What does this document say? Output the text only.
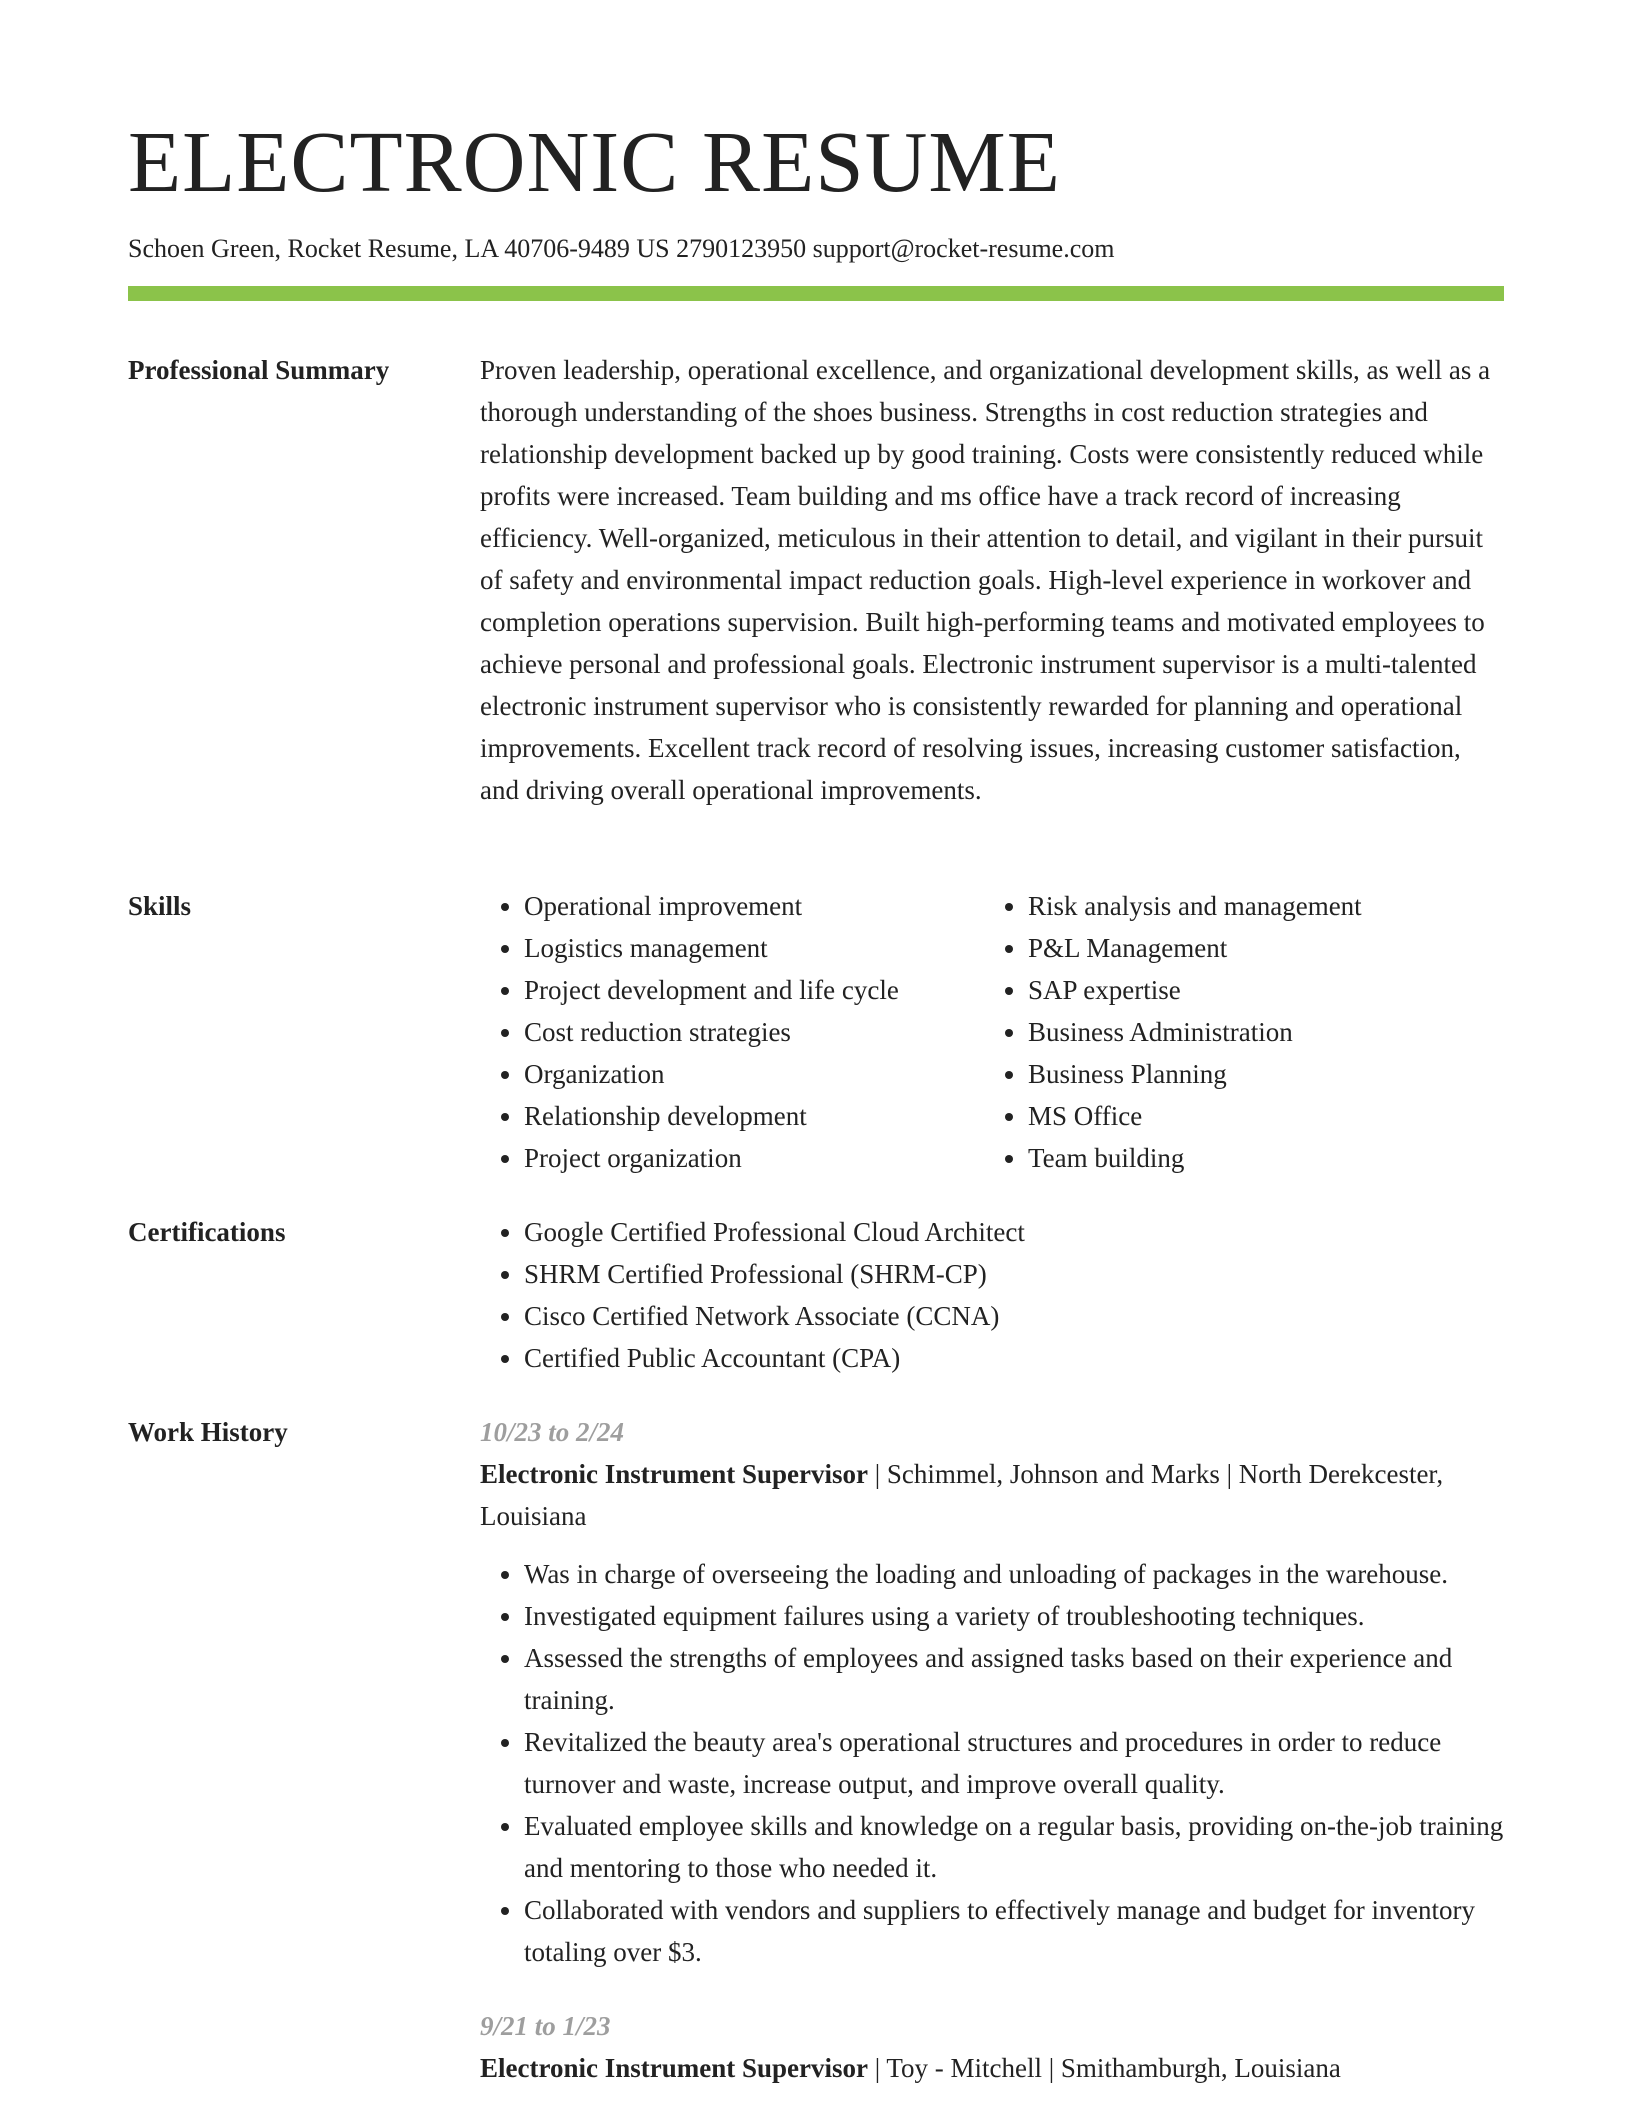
ELECTRONIC RESUME
Schoen Green, Rocket Resume, LA 40706-9489 US 2790123950 support@rocket-resume.com
Professional Summary	Proven leadership, operational excellence, and organizational development skills, as well as a thorough understanding of the shoes business. Strengths in cost reduction strategies and relationship development backed up by good training. Costs were consistently reduced while profits were increased. Team building and ms office have a track record of increasing efficiency. Well-organized, meticulous in their attention to detail, and vigilant in their pursuit of safety and environmental impact reduction goals. High-level experience in workover and completion operations supervision. Built high-performing teams and motivated employees to achieve personal and professional goals. Electronic instrument supervisor is a multi-talented electronic instrument supervisor who is consistently rewarded for planning and operational improvements. Excellent track record of resolving issues, increasing customer satisfaction, and driving overall operational improvements.

Skills	• Operational improvement
• Logistics management
• Project development and life cycle
• Cost reduction strategies
• Organization
• Relationship development
• Project organization
• Risk analysis and management
• P&L Management
• SAP expertise
• Business Administration
• Business Planning
• MS Office
• Team building
Certifications	• Google Certified Professional Cloud Architect
• SHRM Certified Professional (SHRM-CP)
• Cisco Certified Network Associate (CCNA)
• Certified Public Accountant (CPA)
Work History	10/23 to 2/24
Electronic Instrument Supervisor | Schimmel, Johnson and Marks | North Derekcester, Louisiana
• Was in charge of overseeing the loading and unloading of packages in the warehouse.
• Investigated equipment failures using a variety of troubleshooting techniques.
• Assessed the strengths of employees and assigned tasks based on their experience and training.
• Revitalized the beauty area's operational structures and procedures in order to reduce turnover and waste, increase output, and improve overall quality.
• Evaluated employee skills and knowledge on a regular basis, providing on-the-job training and mentoring to those who needed it.
• Collaborated with vendors and suppliers to effectively manage and budget for inventory totaling over $3.
9/21 to 1/23
Electronic Instrument Supervisor | Toy - Mitchell | Smithamburgh, Louisiana
